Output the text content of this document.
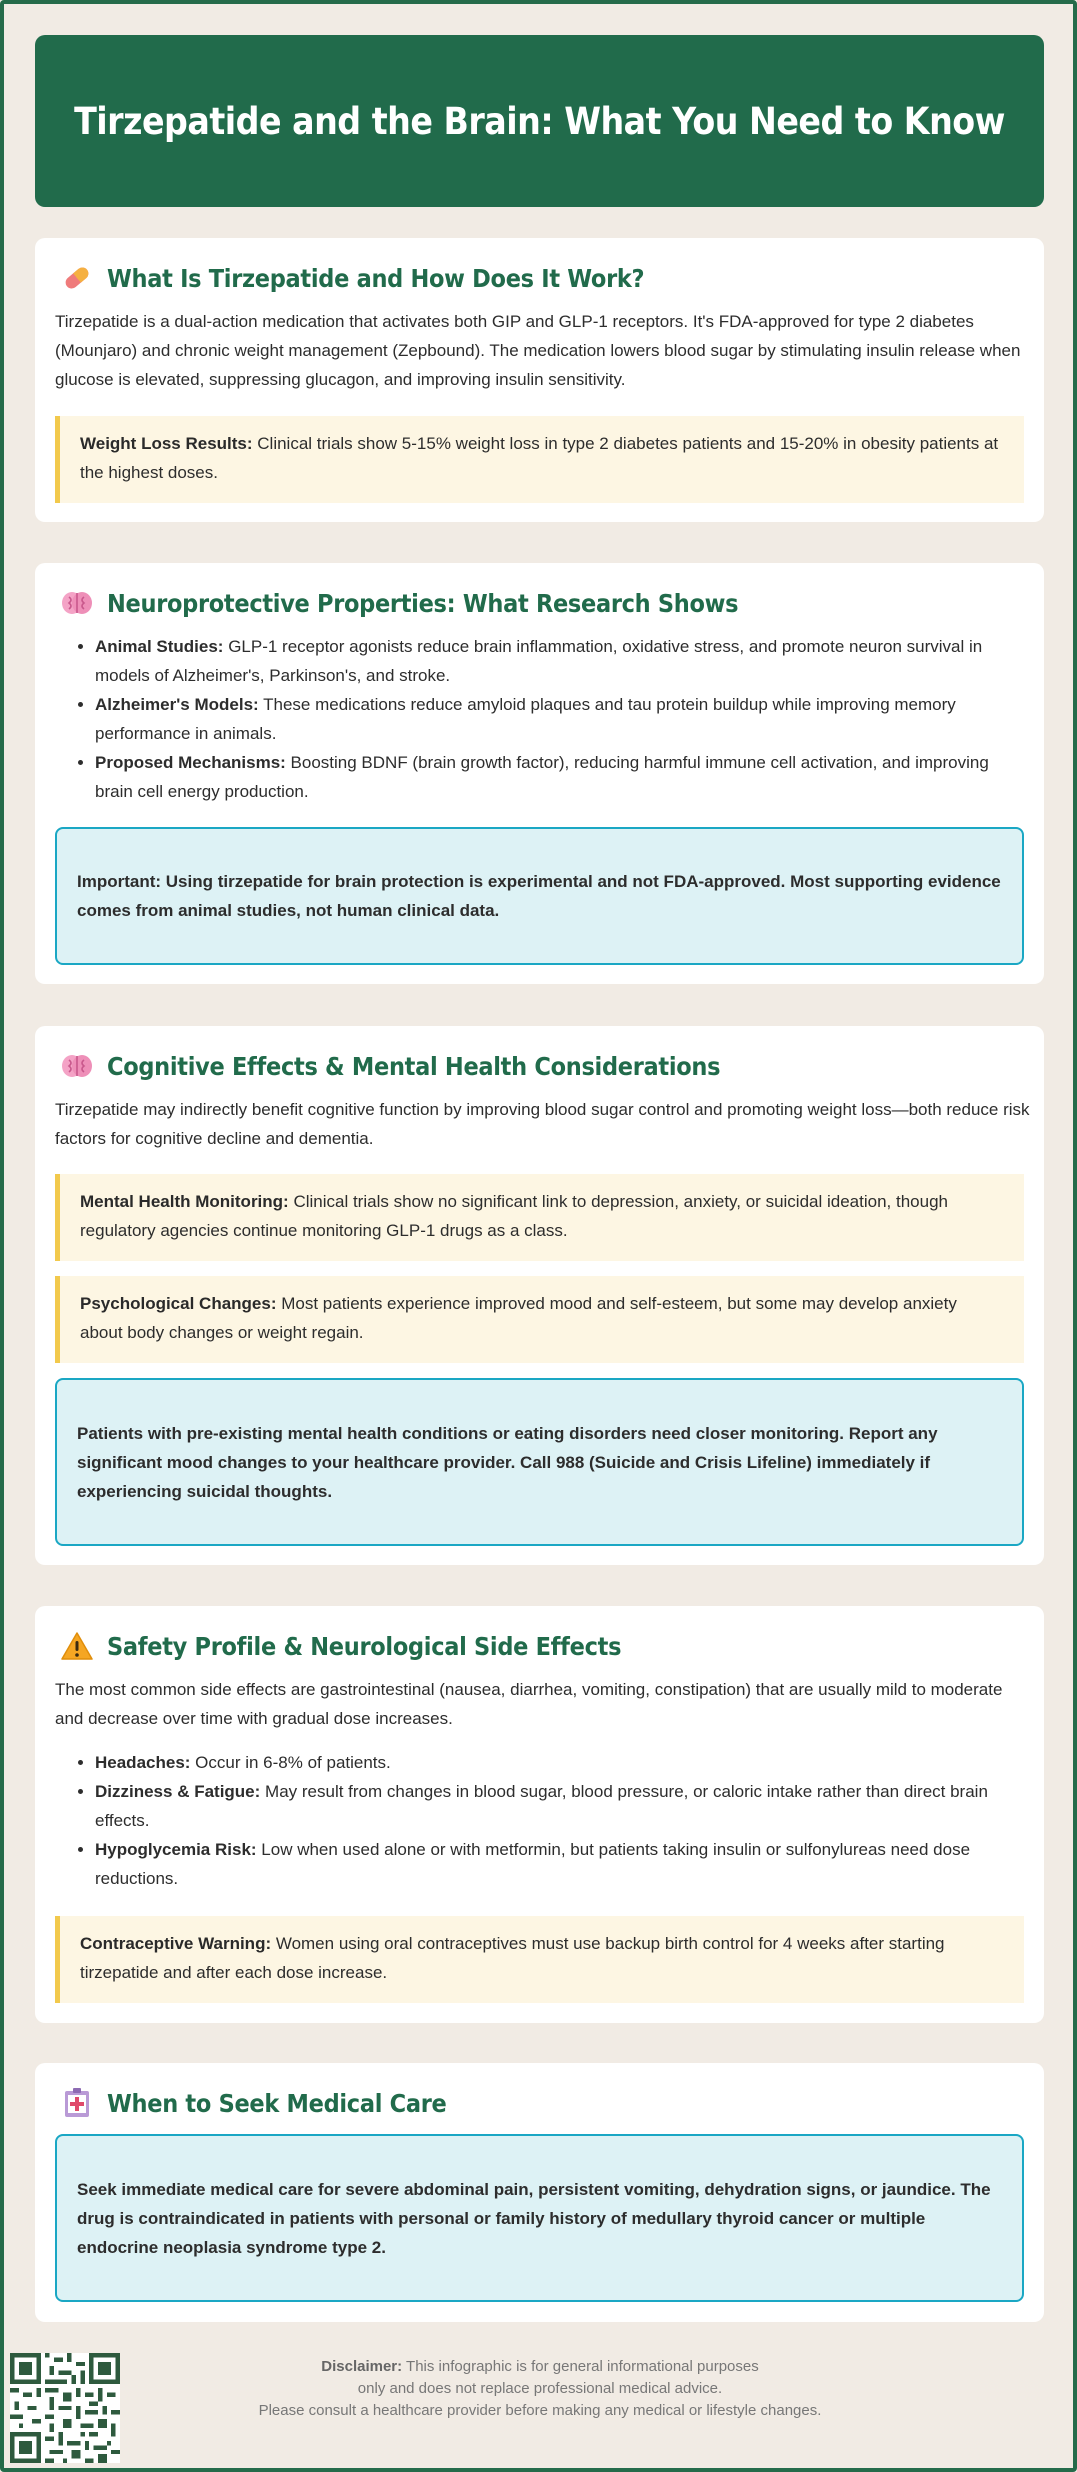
Tirzepatide and the Brain: What You Need to Know
What Is Tirzepatide and How Does It Work?

Tirzepatide is a dual-action medication that activates both GIP and GLP-1 receptors. It's FDA-approved for type 2 diabetes (Mounjaro) and chronic weight management (Zepbound). The medication lowers blood sugar by stimulating insulin release when glucose is elevated, suppressing glucagon, and improving insulin sensitivity.

Weight Loss Results: Clinical trials show 5-15% weight loss in type 2 diabetes patients and 15-20% in obesity patients at the highest doses.
Neuroprotective Properties: What Research Shows
• Animal Studies: GLP-1 receptor agonists reduce brain inflammation, oxidative stress, and promote neuron survival in models of Alzheimer's, Parkinson's, and stroke.
• Alzheimer's Models: These medications reduce amyloid plaques and tau protein buildup while improving memory performance in animals.
• Proposed Mechanisms: Boosting BDNF (brain growth factor), reducing harmful immune cell activation, and improving brain cell energy production.
Important: Using tirzepatide for brain protection is experimental and not FDA-approved. Most supporting evidence comes from animal studies, not human clinical data.
Cognitive Effects & Mental Health Considerations

Tirzepatide may indirectly benefit cognitive function by improving blood sugar control and promoting weight loss—both reduce risk factors for cognitive decline and dementia.

Mental Health Monitoring: Clinical trials show no significant link to depression, anxiety, or suicidal ideation, though regulatory agencies continue monitoring GLP-1 drugs as a class.
Psychological Changes: Most patients experience improved mood and self-esteem, but some may develop anxiety about body changes or weight regain.
Patients with pre-existing mental health conditions or eating disorders need closer monitoring. Report any significant mood changes to your healthcare provider. Call 988 (Suicide and Crisis Lifeline) immediately if experiencing suicidal thoughts.
Safety Profile & Neurological Side Effects

The most common side effects are gastrointestinal (nausea, diarrhea, vomiting, constipation) that are usually mild to moderate and decrease over time with gradual dose increases.

• Headaches: Occur in 6-8% of patients.
• Dizziness & Fatigue: May result from changes in blood sugar, blood pressure, or caloric intake rather than direct brain effects.
• Hypoglycemia Risk: Low when used alone or with metformin, but patients taking insulin or sulfonylureas need dose reductions.
Contraceptive Warning: Women using oral contraceptives must use backup birth control for 4 weeks after starting tirzepatide and after each dose increase.
When to Seek Medical Care
Seek immediate medical care for severe abdominal pain, persistent vomiting, dehydration signs, or jaundice. The drug is contraindicated in patients with personal or family history of medullary thyroid cancer or multiple endocrine neoplasia syndrome type 2.
Disclaimer: This infographic is for general informational purposes
only and does not replace professional medical advice.
Please consult a healthcare provider before making any medical or lifestyle changes.
